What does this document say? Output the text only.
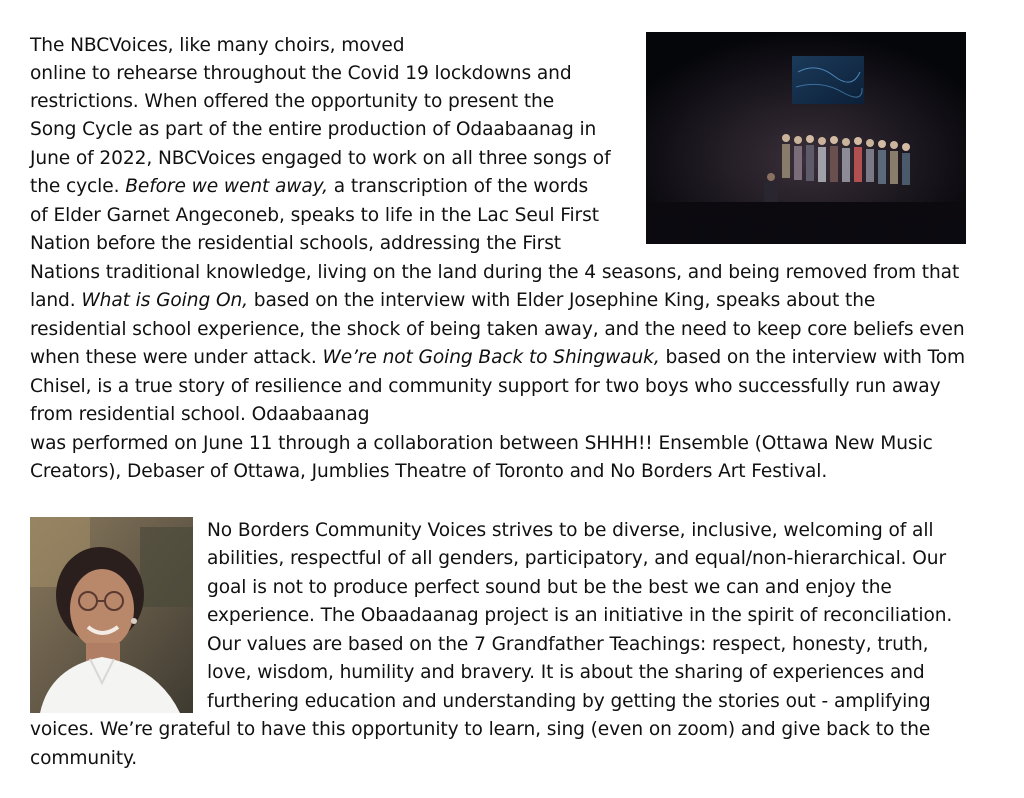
The NBCVoices, like many choirs, moved
online to rehearse throughout the Covid 19 lockdowns and
restrictions. When offered the opportunity to present the
Song Cycle as part of the entire production of Odaabaanag in
June of 2022, NBCVoices engaged to work on all three songs of
the cycle. Before we went away, a transcription of the words
of Elder Garnet Angeconeb, speaks to life in the Lac Seul First
Nation before the residential schools, addressing the First
Nations traditional knowledge, living on the land during the 4 seasons, and being removed from that
land. What is Going On, based on the interview with Elder Josephine King, speaks about the
residential school experience, the shock of being taken away, and the need to keep core beliefs even
when these were under attack. We’re not Going Back to Shingwauk, based on the interview with Tom
Chisel, is a true story of resilience and community support for two boys who successfully run away
from residential school. Odaabaanag
was performed on June 11 through a collaboration between SHHH!! Ensemble (Ottawa New Music
Creators), Debaser of Ottawa, Jumblies Theatre of Toronto and No Borders Art Festival.
No Borders Community Voices strives to be diverse, inclusive, welcoming of all
abilities, respectful of all genders, participatory, and equal/non-hierarchical. Our
goal is not to produce perfect sound but be the best we can and enjoy the
experience. The Obaadaanag project is an initiative in the spirit of reconciliation.
Our values are based on the 7 Grandfather Teachings: respect, honesty, truth,
love, wisdom, humility and bravery. It is about the sharing of experiences and
furthering education and understanding by getting the stories out - amplifying
voices. We’re grateful to have this opportunity to learn, sing (even on zoom) and give back to the
community.
